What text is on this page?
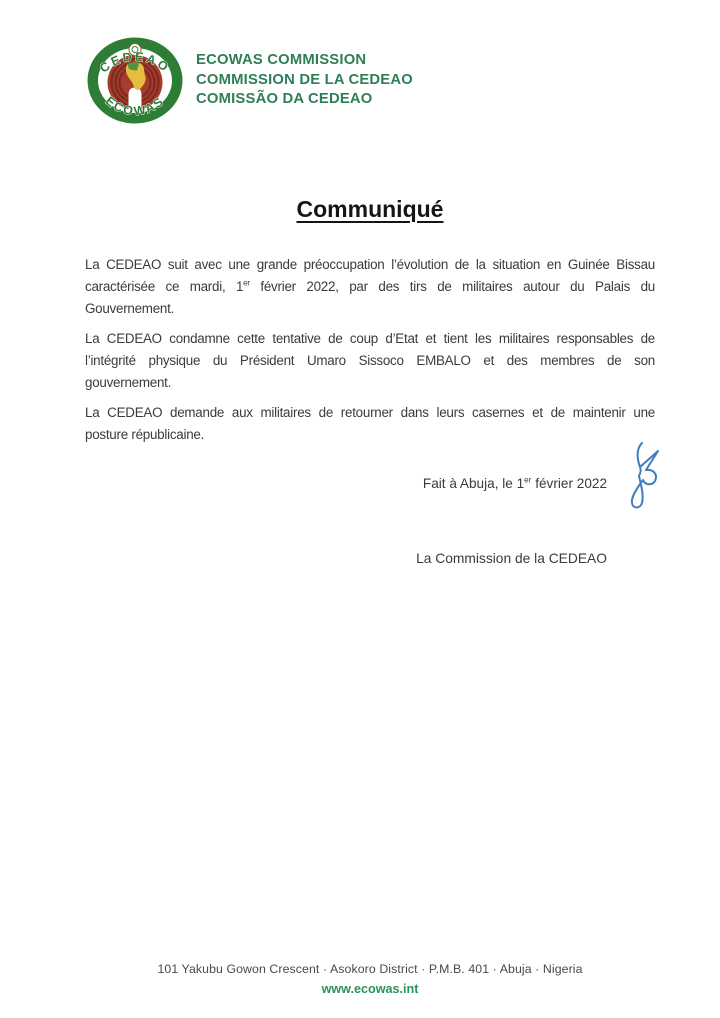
CEDEAO
ECOWAS
ECOWAS COMMISSION
COMMISSION DE LA CEDEAO
COMISSÃO DA CEDEAO
Communiqué
La CEDEAO suit avec une grande préoccupation l’évolution de la situation en Guinée Bissau
caractérisée ce mardi, 1er février 2022, par des tirs de militaires autour du Palais du
Gouvernement.
La CEDEAO condamne cette tentative de coup d’Etat et tient les militaires responsables de
l’intégrité physique du Président Umaro Sissoco EMBALO et des membres de son
gouvernement.
La CEDEAO demande aux militaires de retourner dans leurs casernes et de maintenir une
posture républicaine.
Fait à Abuja, le 1er février 2022
La Commission de la CEDEAO
101 Yakubu Gowon Crescent · Asokoro District · P.M.B. 401 · Abuja · Nigeria
www.ecowas.int
